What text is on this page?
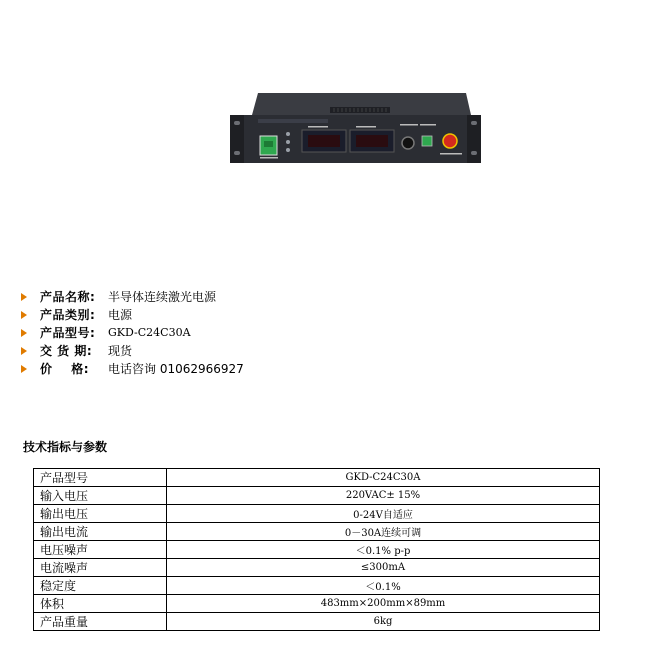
产品名称: 半导体连续激光电源
产品类别: 电源
产品型号: GKD-C24C30A
交 货 期: 现货
价    格: 电话咨询 01062966927
技术指标与参数
产品型号	GKD-C24C30A
输入电压	220VAC± 15%
输出电压	0-24V自适应
输出电流	0－30A连续可调
电压噪声	＜0.1% p-p
电流噪声	≤300mA
稳定度	＜0.1%
体积	483mm×200mm×89mm
产品重量	6kg
